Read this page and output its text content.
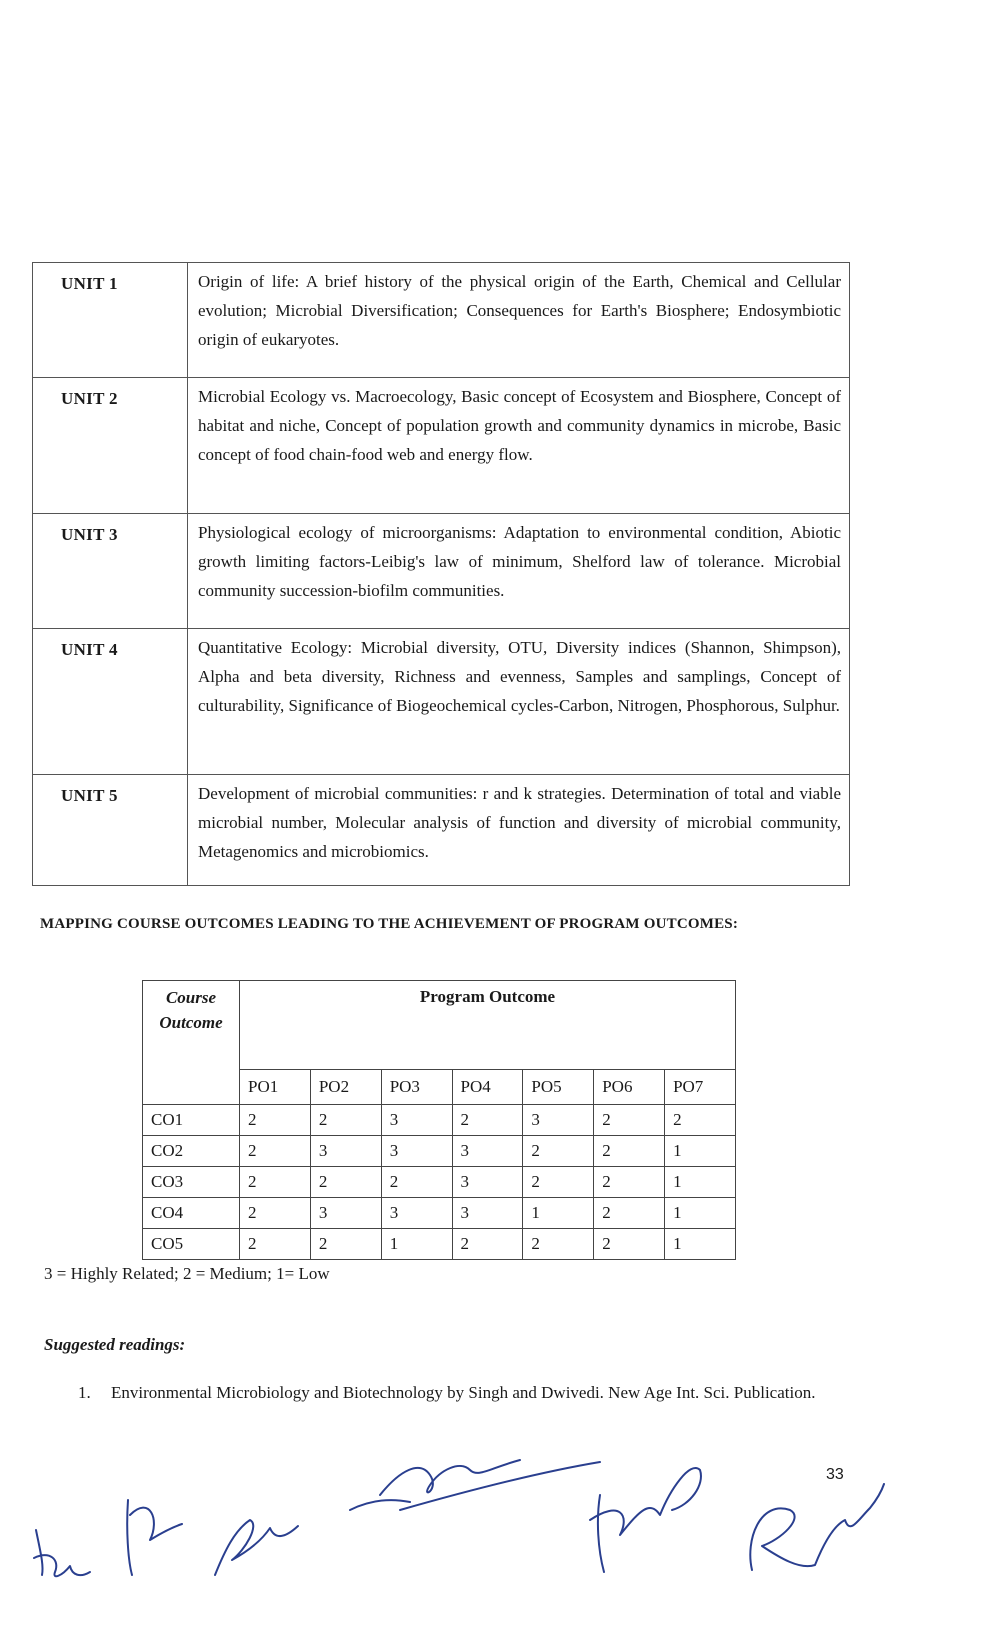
UNIT 1	Origin of life: A brief history of the physical origin of the Earth, Chemical and Cellular evolution; Microbial Diversification; Consequences for Earth's Biosphere; Endosymbiotic origin of eukaryotes.
UNIT 2	Microbial Ecology vs. Macroecology, Basic concept of Ecosystem and Biosphere, Concept of habitat and niche, Concept of population growth and community dynamics in microbe, Basic concept of food chain-food web and energy flow.
UNIT 3	Physiological ecology of microorganisms: Adaptation to environmental condition, Abiotic growth limiting factors-Leibig's law of minimum, Shelford law of tolerance. Microbial community succession-biofilm communities.
UNIT 4	Quantitative Ecology: Microbial diversity, OTU, Diversity indices (Shannon, Shimpson), Alpha and beta diversity, Richness and evenness, Samples and samplings, Concept of culturability, Significance of Biogeochemical cycles-Carbon, Nitrogen, Phosphorous, Sulphur.
UNIT 5	Development of microbial communities: r and k strategies. Determination of total and viable microbial number, Molecular analysis of function and diversity of microbial community, Metagenomics and microbiomics.
MAPPING COURSE OUTCOMES LEADING TO THE ACHIEVEMENT OF PROGRAM OUTCOMES:
Course
Outcome	Program Outcome						
	PO1	PO2	PO3	PO4	PO5	PO6	PO7
CO1	2	2	3	2	3	2	2
CO2	2	3	3	3	2	2	1
CO3	2	2	2	3	2	2	1
CO4	2	3	3	3	1	2	1
CO5	2	2	1	2	2	2	1
3 = Highly Related; 2 = Medium; 1= Low
Suggested readings:
1. Environmental Microbiology and Biotechnology by Singh and Dwivedi. New Age Int. Sci. Publication.
33
